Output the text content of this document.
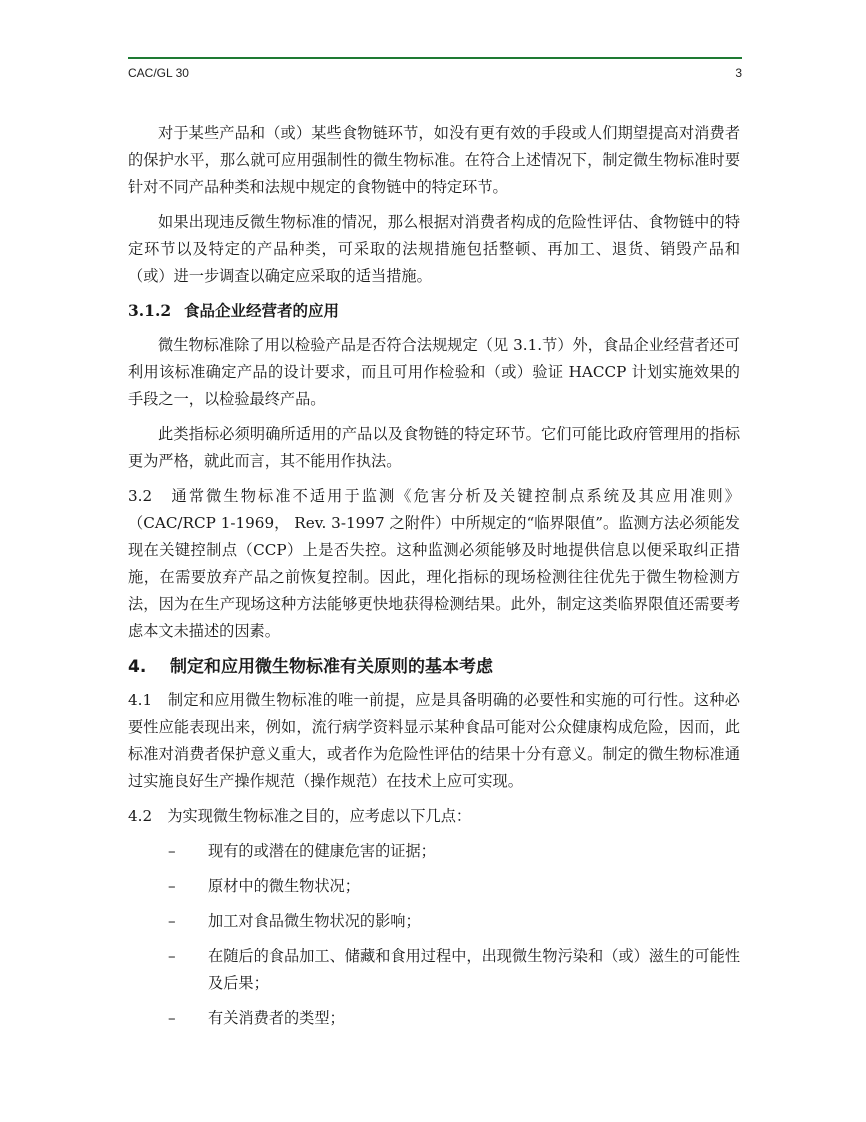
CAC/GL 30	3

对于某些产品和（或）某些食物链环节，如没有更有效的手段或人们期望提高对消费者的保护水平，那么就可应用强制性的微生物标准。在符合上述情况下，制定微生物标准时要针对不同产品种类和法规中规定的食物链中的特定环节。

如果出现违反微生物标准的情况，那么根据对消费者构成的危险性评估、食物链中的特定环节以及特定的产品种类，可采取的法规措施包括整顿、再加工、退货、销毁产品和（或）进一步调查以确定应采取的适当措施。

3.1.2 食品企业经营者的应用

微生物标准除了用以检验产品是否符合法规规定（见 3.1.节）外，食品企业经营者还可利用该标准确定产品的设计要求，而且可用作检验和（或）验证 HACCP 计划实施效果的手段之一，以检验最终产品。

此类指标必须明确所适用的产品以及食物链的特定环节。它们可能比政府管理用的指标更为严格，就此而言，其不能用作执法。

3.2　通常微生物标准不适用于监测《危害分析及关键控制点系统及其应用准则》（CAC/RCP 1-1969， Rev. 3-1997 之附件）中所规定的“临界限值”。监测方法必须能发现在关键控制点（CCP）上是否失控。这种监测必须能够及时地提供信息以便采取纠正措施，在需要放弃产品之前恢复控制。因此，理化指标的现场检测往往优先于微生物检测方法，因为在生产现场这种方法能够更快地获得检测结果。此外，制定这类临界限值还需要考虑本文未描述的因素。

4. 制定和应用微生物标准有关原则的基本考虑

4.1　制定和应用微生物标准的唯一前提，应是具备明确的必要性和实施的可行性。这种必要性应能表现出来，例如，流行病学资料显示某种食品可能对公众健康构成危险，因而，此标准对消费者保护意义重大，或者作为危险性评估的结果十分有意义。制定的微生物标准通过实施良好生产操作规范（操作规范）在技术上应可实现。

4.2　为实现微生物标准之目的，应考虑以下几点：

– 现有的或潜在的健康危害的证据；
– 原材中的微生物状况；
– 加工对食品微生物状况的影响；
– 在随后的食品加工、储藏和食用过程中，出现微生物污染和（或）滋生的可能性及后果；
– 有关消费者的类型；
